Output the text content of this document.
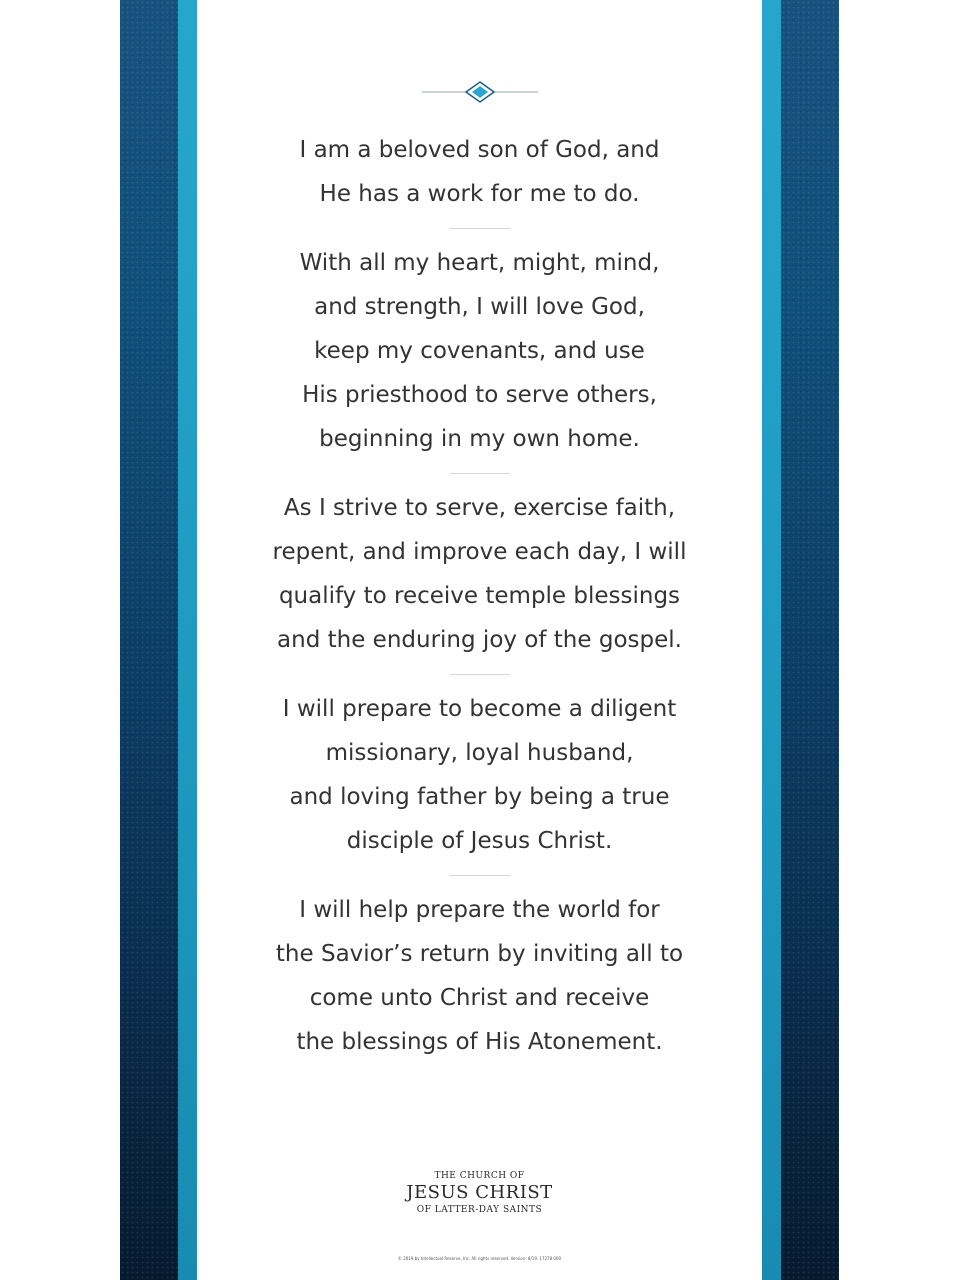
I am a beloved son of God, and
He has a work for me to do.
With all my heart, might, mind,
and strength, I will love God,
keep my covenants, and use
His priesthood to serve others,
beginning in my own home.
As I strive to serve, exercise faith,
repent, and improve each day, I will
qualify to receive temple blessings
and the enduring joy of the gospel.
I will prepare to become a diligent
missionary, loyal husband,
and loving father by being a true
disciple of Jesus Christ.
I will help prepare the world for
the Savior’s return by inviting all to
come unto Christ and receive
the blessings of His Atonement.
THE CHURCH OF
JESUS CHRIST
OF LATTER-DAY SAINTS
© 2019 by Intellectual Reserve, Inc. All rights reserved. Version: 8/19. 17278 000
